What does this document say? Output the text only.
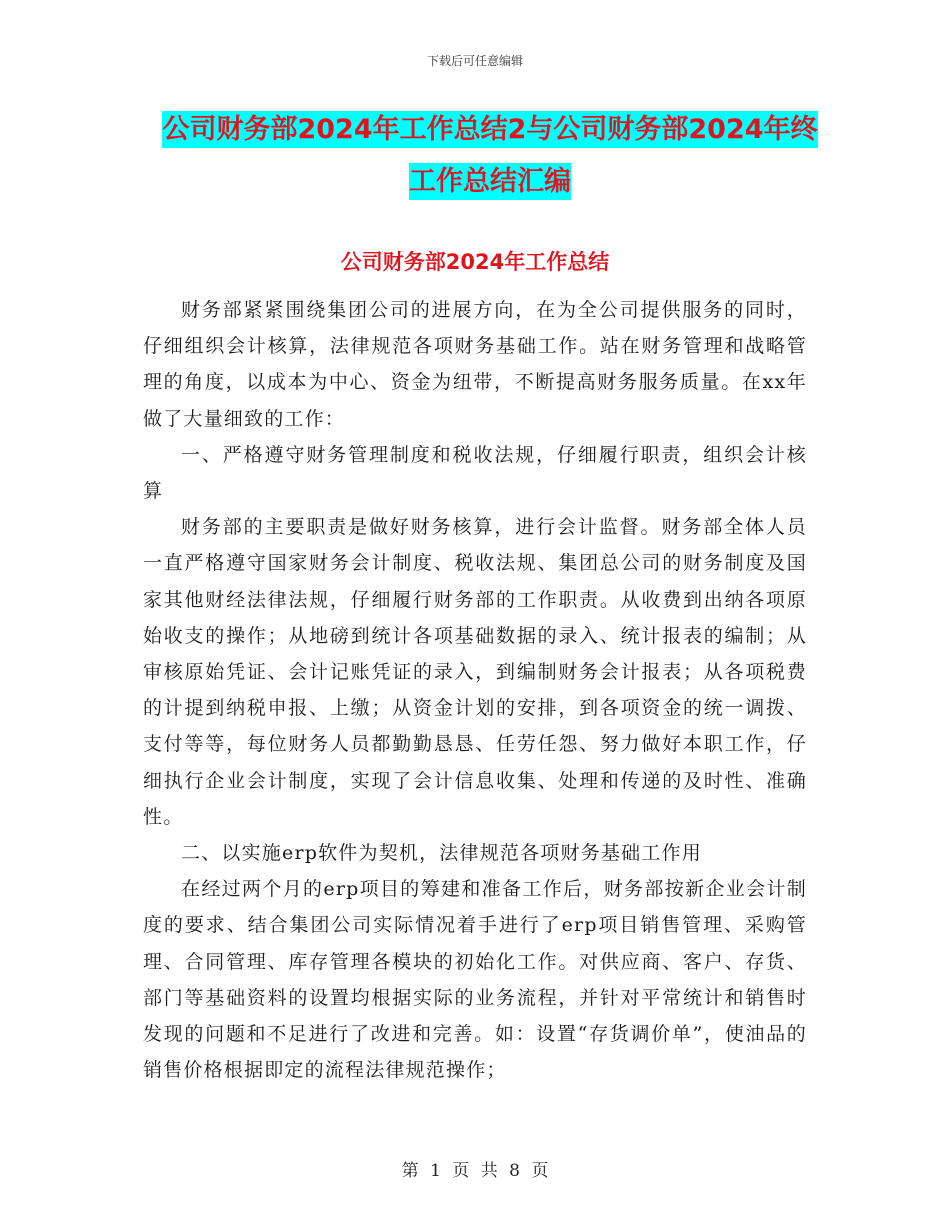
下载后可任意编辑
公司财务部2024年工作总结2与公司财务部2024年终工作总结汇编
公司财务部2024年工作总结

财务部紧紧围绕集团公司的进展方向，在为全公司提供服务的同时，仔细组织会计核算，法律规范各项财务基础工作。站在财务管理和战略管理的角度，以成本为中心、资金为纽带，不断提高财务服务质量。在xx年做了大量细致的工作：

一、严格遵守财务管理制度和税收法规，仔细履行职责，组织会计核算

财务部的主要职责是做好财务核算，进行会计监督。财务部全体人员一直严格遵守国家财务会计制度、税收法规、集团总公司的财务制度及国家其他财经法律法规，仔细履行财务部的工作职责。从收费到出纳各项原始收支的操作；从地磅到统计各项基础数据的录入、统计报表的编制；从审核原始凭证、会计记账凭证的录入，到编制财务会计报表；从各项税费的计提到纳税申报、上缴；从资金计划的安排，到各项资金的统一调拨、支付等等，每位财务人员都勤勤恳恳、任劳任怨、努力做好本职工作，仔细执行企业会计制度，实现了会计信息收集、处理和传递的及时性、准确性。

二、以实施erp软件为契机，法律规范各项财务基础工作用

在经过两个月的erp项目的筹建和准备工作后，财务部按新企业会计制度的要求、结合集团公司实际情况着手进行了erp项目销售管理、采购管理、合同管理、库存管理各模块的初始化工作。对供应商、客户、存货、部门等基础资料的设置均根据实际的业务流程，并针对平常统计和销售时发现的问题和不足进行了改进和完善。如：设置“存货调价单”，使油品的销售价格根据即定的流程法律规范操作；

第 1 页 共 8 页
